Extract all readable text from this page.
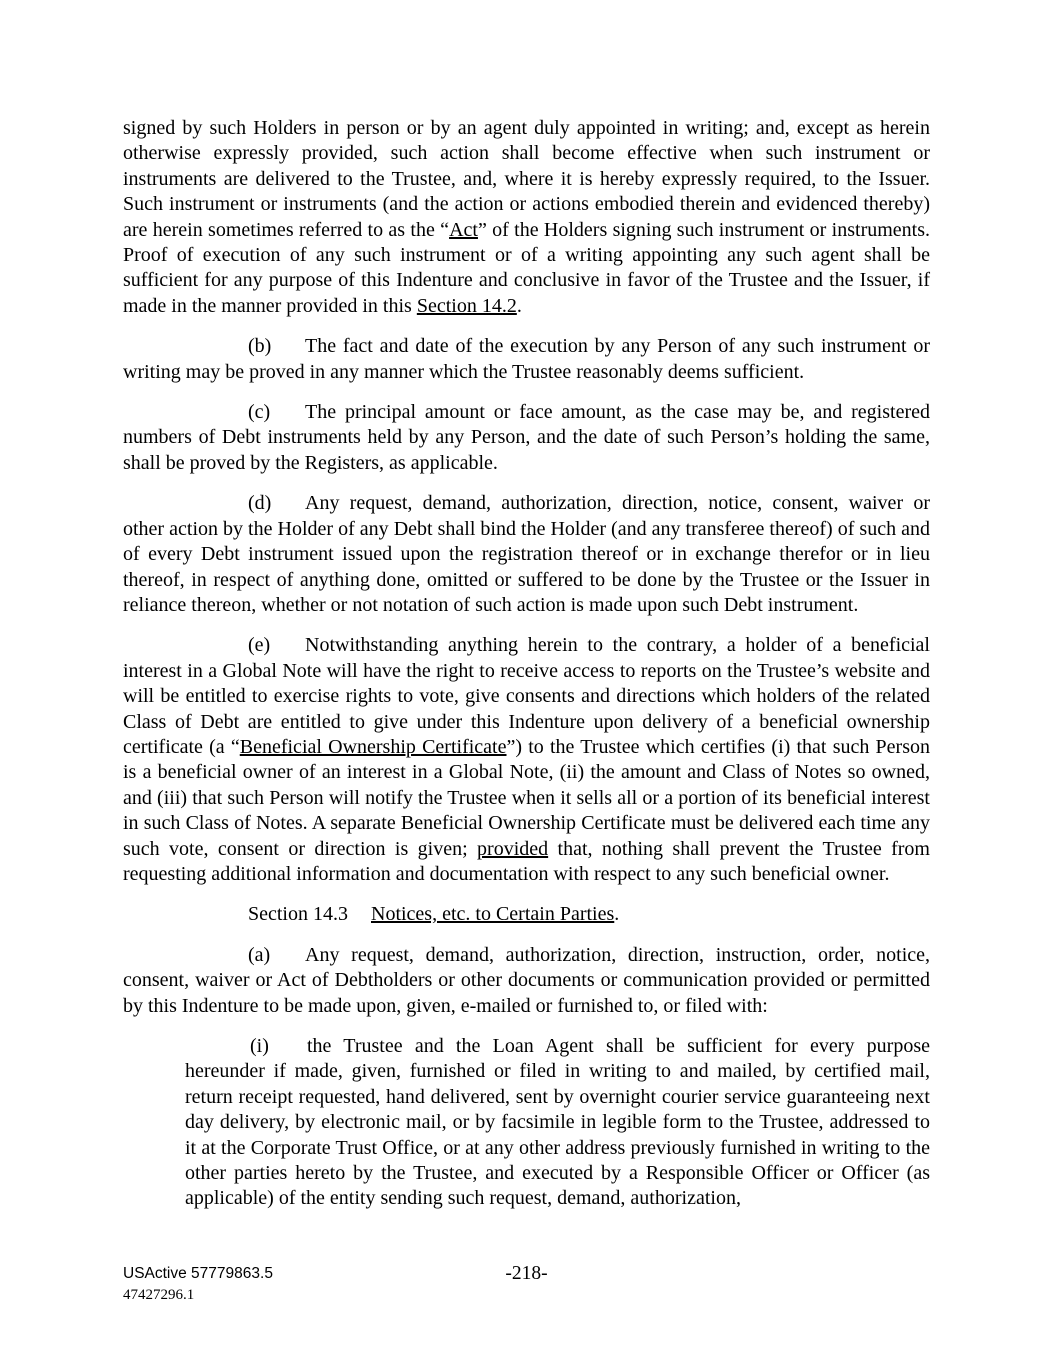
signed by such Holders in person or by an agent duly appointed in writing; and, except as herein otherwise expressly provided, such action shall become effective when such instrument or instruments are delivered to the Trustee, and, where it is hereby expressly required, to the Issuer. Such instrument or instruments (and the action or actions embodied therein and evidenced thereby) are herein sometimes referred to as the “Act” of the Holders signing such instrument or instruments. Proof of execution of any such instrument or of a writing appointing any such agent shall be sufficient for any purpose of this Indenture and conclusive in favor of the Trustee and the Issuer, if made in the manner provided in this Section 14.2.

(b) The fact and date of the execution by any Person of any such instrument or writing may be proved in any manner which the Trustee reasonably deems sufficient.

(c) The principal amount or face amount, as the case may be, and registered numbers of Debt instruments held by any Person, and the date of such Person’s holding the same, shall be proved by the Registers, as applicable.

(d) Any request, demand, authorization, direction, notice, consent, waiver or other action by the Holder of any Debt shall bind the Holder (and any transferee thereof) of such and of every Debt instrument issued upon the registration thereof or in exchange therefor or in lieu thereof, in respect of anything done, omitted or suffered to be done by the Trustee or the Issuer in reliance thereon, whether or not notation of such action is made upon such Debt instrument.

(e) Notwithstanding anything herein to the contrary, a holder of a beneficial interest in a Global Note will have the right to receive access to reports on the Trustee’s website and will be entitled to exercise rights to vote, give consents and directions which holders of the related Class of Debt are entitled to give under this Indenture upon delivery of a beneficial ownership certificate (a “Beneficial Ownership Certificate”) to the Trustee which certifies (i) that such Person is a beneficial owner of an interest in a Global Note, (ii) the amount and Class of Notes so owned, and (iii) that such Person will notify the Trustee when it sells all or a portion of its beneficial interest in such Class of Notes. A separate Beneficial Ownership Certificate must be delivered each time any such vote, consent or direction is given; provided that, nothing shall prevent the Trustee from requesting additional information and documentation with respect to any such beneficial owner.

Section 14.3 Notices, etc. to Certain Parties.

(a) Any request, demand, authorization, direction, instruction, order, notice, consent, waiver or Act of Debtholders or other documents or communication provided or permitted by this Indenture to be made upon, given, e-mailed or furnished to, or filed with:

(i) the Trustee and the Loan Agent shall be sufficient for every purpose hereunder if made, given, furnished or filed in writing to and mailed, by certified mail, return receipt requested, hand delivered, sent by overnight courier service guaranteeing next day delivery, by electronic mail, or by facsimile in legible form to the Trustee, addressed to it at the Corporate Trust Office, or at any other address previously furnished in writing to the other parties hereto by the Trustee, and executed by a Responsible Officer or Officer (as applicable) of the entity sending such request, demand, authorization,

USActive 57779863.5
47427296.1
-218-
